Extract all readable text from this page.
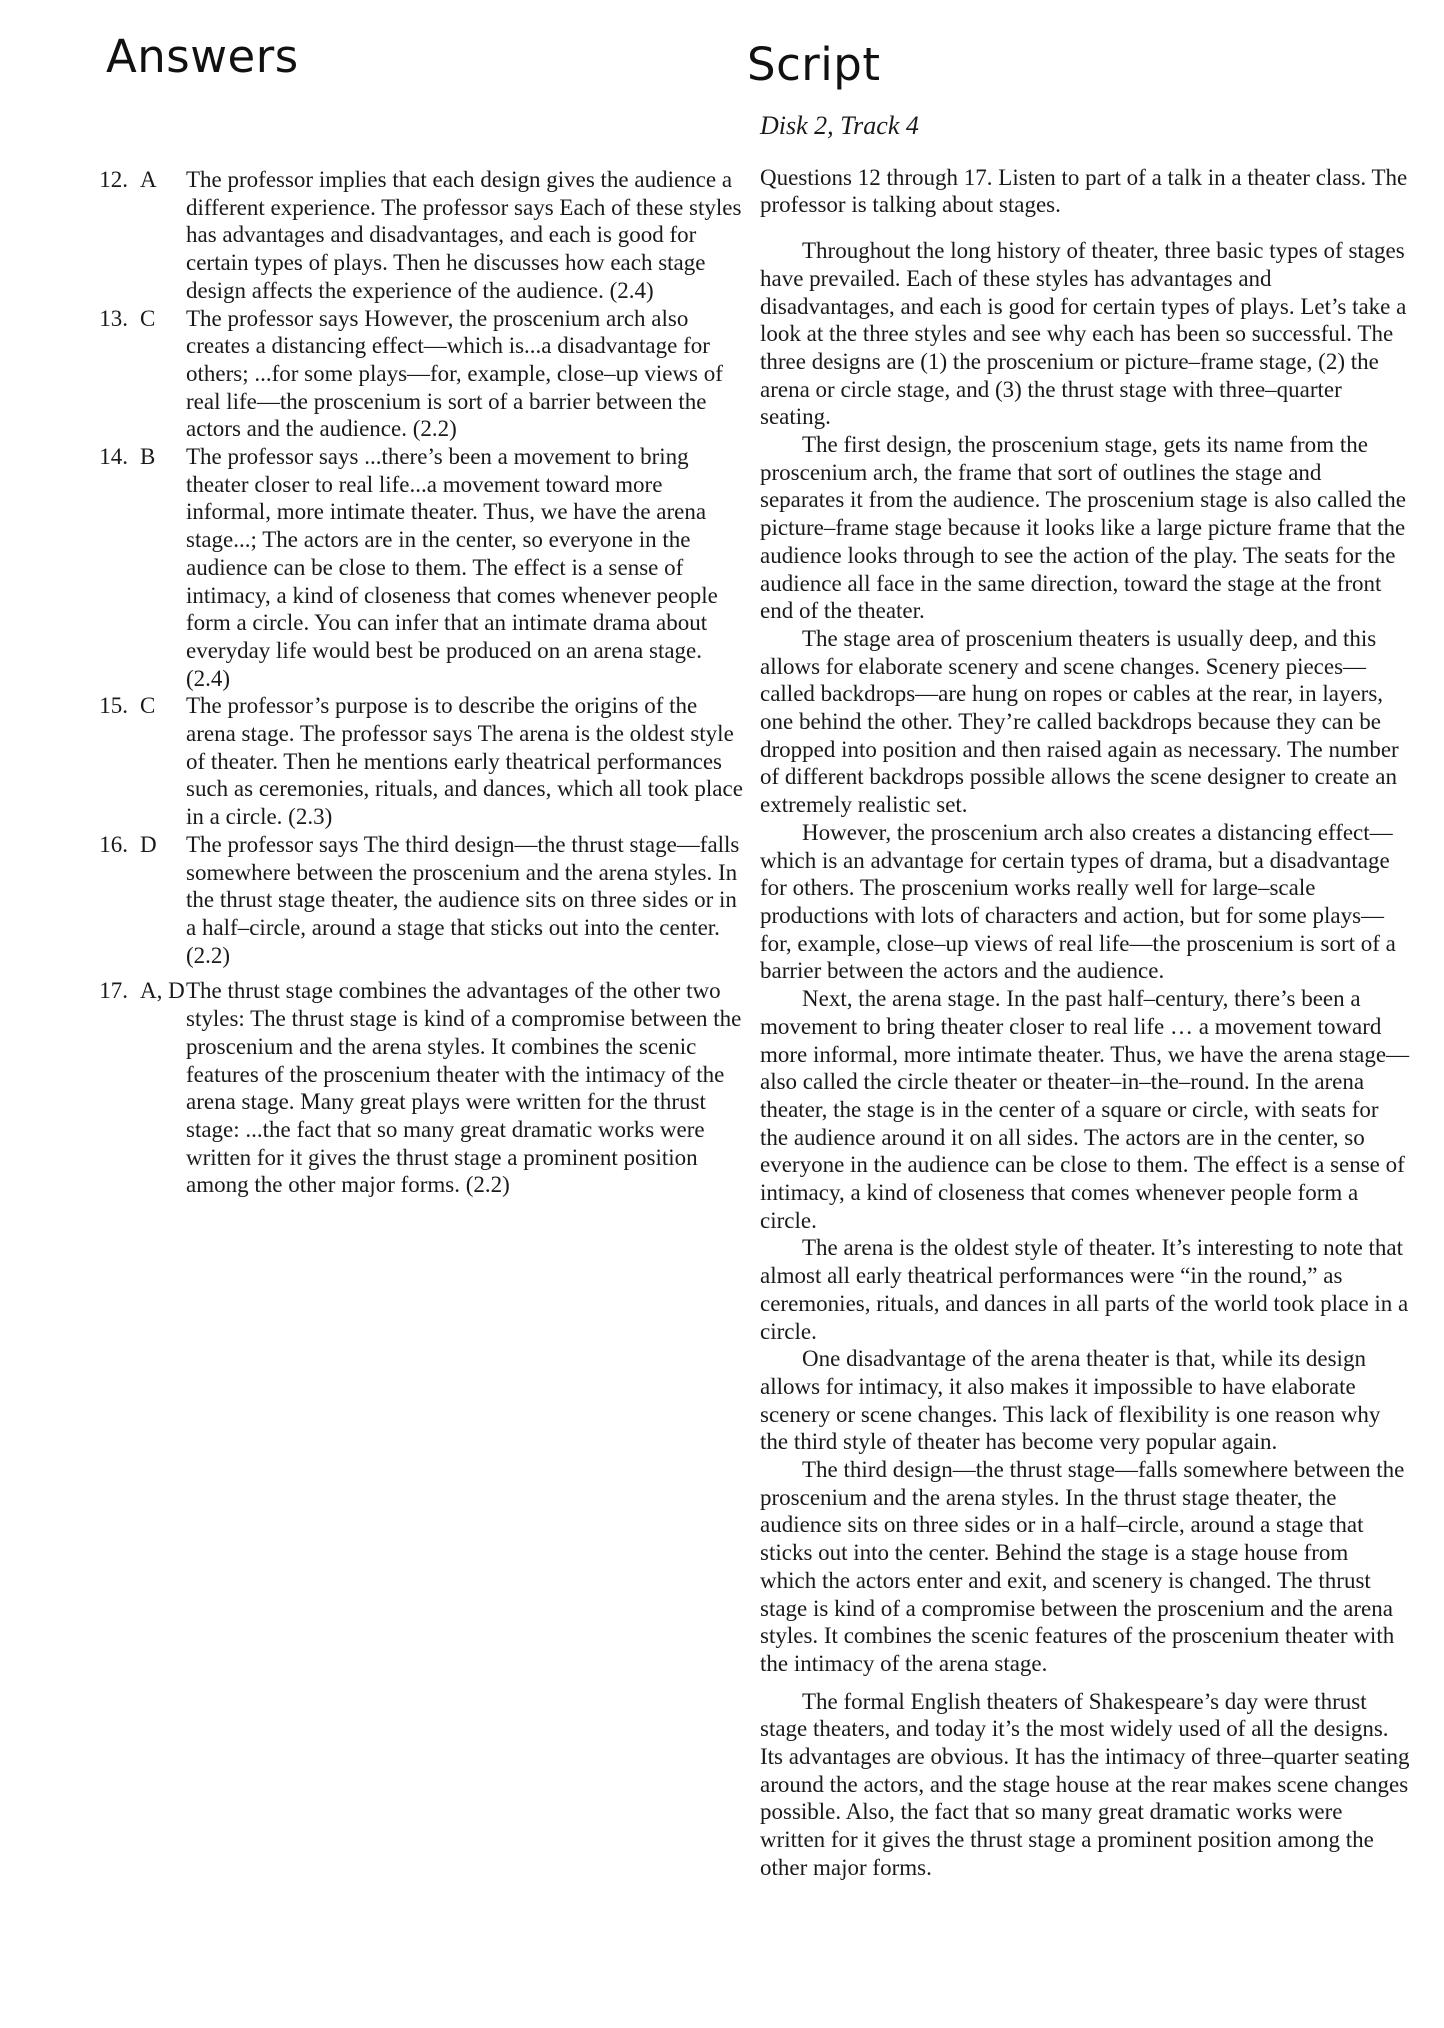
Answers	Script
12. A	The professor implies that each design gives the audience a different experience. The professor says Each of these styles has advantages and disadvantages, and each is good for certain types of plays. Then he discusses how each stage design affects the experience of the audience. (2.4)
13. C	The professor says However, the proscenium arch also creates a distancing effect—which is...a disadvantage for others; ...for some plays—for, example, close–up views of real life—the proscenium is sort of a barrier between the actors and the audience. (2.2)
14. B	The professor says ...there’s been a movement to bring theater closer to real life...a movement toward more informal, more intimate theater. Thus, we have the arena stage...; The actors are in the center, so everyone in the audience can be close to them. The effect is a sense of intimacy, a kind of closeness that comes whenever people form a circle. You can infer that an intimate drama about everyday life would best be produced on an arena stage. (2.4)
15. C	The professor’s purpose is to describe the origins of the arena stage. The professor says The arena is the oldest style of theater. Then he mentions early theatrical performances such as ceremonies, rituals, and dances, which all took place in a circle. (2.3)
16. D	The professor says The third design—the thrust stage—falls somewhere between the proscenium and the arena styles. In the thrust stage theater, the audience sits on three sides or in a half–circle, around a stage that sticks out into the center. (2.2)
17. A, D The thrust stage combines the advantages of the other two styles: The thrust stage is kind of a compromise between the proscenium and the arena styles. It combines the scenic features of the proscenium theater with the intimacy of the arena stage. Many great plays were written for the thrust stage: ...the fact that so many great dramatic works were written for it gives the thrust stage a prominent position among the other major forms. (2.2)
Disk 2, Track 4

Questions 12 through 17. Listen to part of a talk in a theater class. The professor is talking about stages.

Throughout the long history of theater, three basic types of stages have prevailed. Each of these styles has advantages and disadvantages, and each is good for certain types of plays. Let’s take a look at the three styles and see why each has been so successful. The three designs are (1) the proscenium or picture–frame stage, (2) the arena or circle stage, and (3) the thrust stage with three–quarter seating.

The first design, the proscenium stage, gets its name from the proscenium arch, the frame that sort of outlines the stage and separates it from the audience. The proscenium stage is also called the picture–frame stage because it looks like a large picture frame that the audience looks through to see the action of the play. The seats for the audience all face in the same direction, toward the stage at the front end of the theater.

The stage area of proscenium theaters is usually deep, and this allows for elaborate scenery and scene changes. Scenery pieces—called backdrops—are hung on ropes or cables at the rear, in layers, one behind the other. They’re called backdrops because they can be dropped into position and then raised again as necessary. The number of different backdrops possible allows the scene designer to create an extremely realistic set.

However, the proscenium arch also creates a distancing effect—which is an advantage for certain types of drama, but a disadvantage for others. The proscenium works really well for large–scale productions with lots of characters and action, but for some plays—for, example, close–up views of real life—the proscenium is sort of a barrier between the actors and the audience.

Next, the arena stage. In the past half–century, there’s been a movement to bring theater closer to real life … a movement toward more informal, more intimate theater. Thus, we have the arena stage—also called the circle theater or theater–in–the–round. In the arena theater, the stage is in the center of a square or circle, with seats for the audience around it on all sides. The actors are in the center, so everyone in the audience can be close to them. The effect is a sense of intimacy, a kind of closeness that comes whenever people form a circle.

The arena is the oldest style of theater. It’s interesting to note that almost all early theatrical performances were “in the round,” as ceremonies, rituals, and dances in all parts of the world took place in a circle.

One disadvantage of the arena theater is that, while its design allows for intimacy, it also makes it impossible to have elaborate scenery or scene changes. This lack of flexibility is one reason why the third style of theater has become very popular again.

The third design—the thrust stage—falls somewhere between the proscenium and the arena styles. In the thrust stage theater, the audience sits on three sides or in a half–circle, around a stage that sticks out into the center. Behind the stage is a stage house from which the actors enter and exit, and scenery is changed. The thrust stage is kind of a compromise between the proscenium and the arena styles. It combines the scenic features of the proscenium theater with the intimacy of the arena stage.

The formal English theaters of Shakespeare’s day were thrust stage theaters, and today it’s the most widely used of all the designs. Its advantages are obvious. It has the intimacy of three–quarter seating around the actors, and the stage house at the rear makes scene changes possible. Also, the fact that so many great dramatic works were written for it gives the thrust stage a prominent position among the other major forms.
